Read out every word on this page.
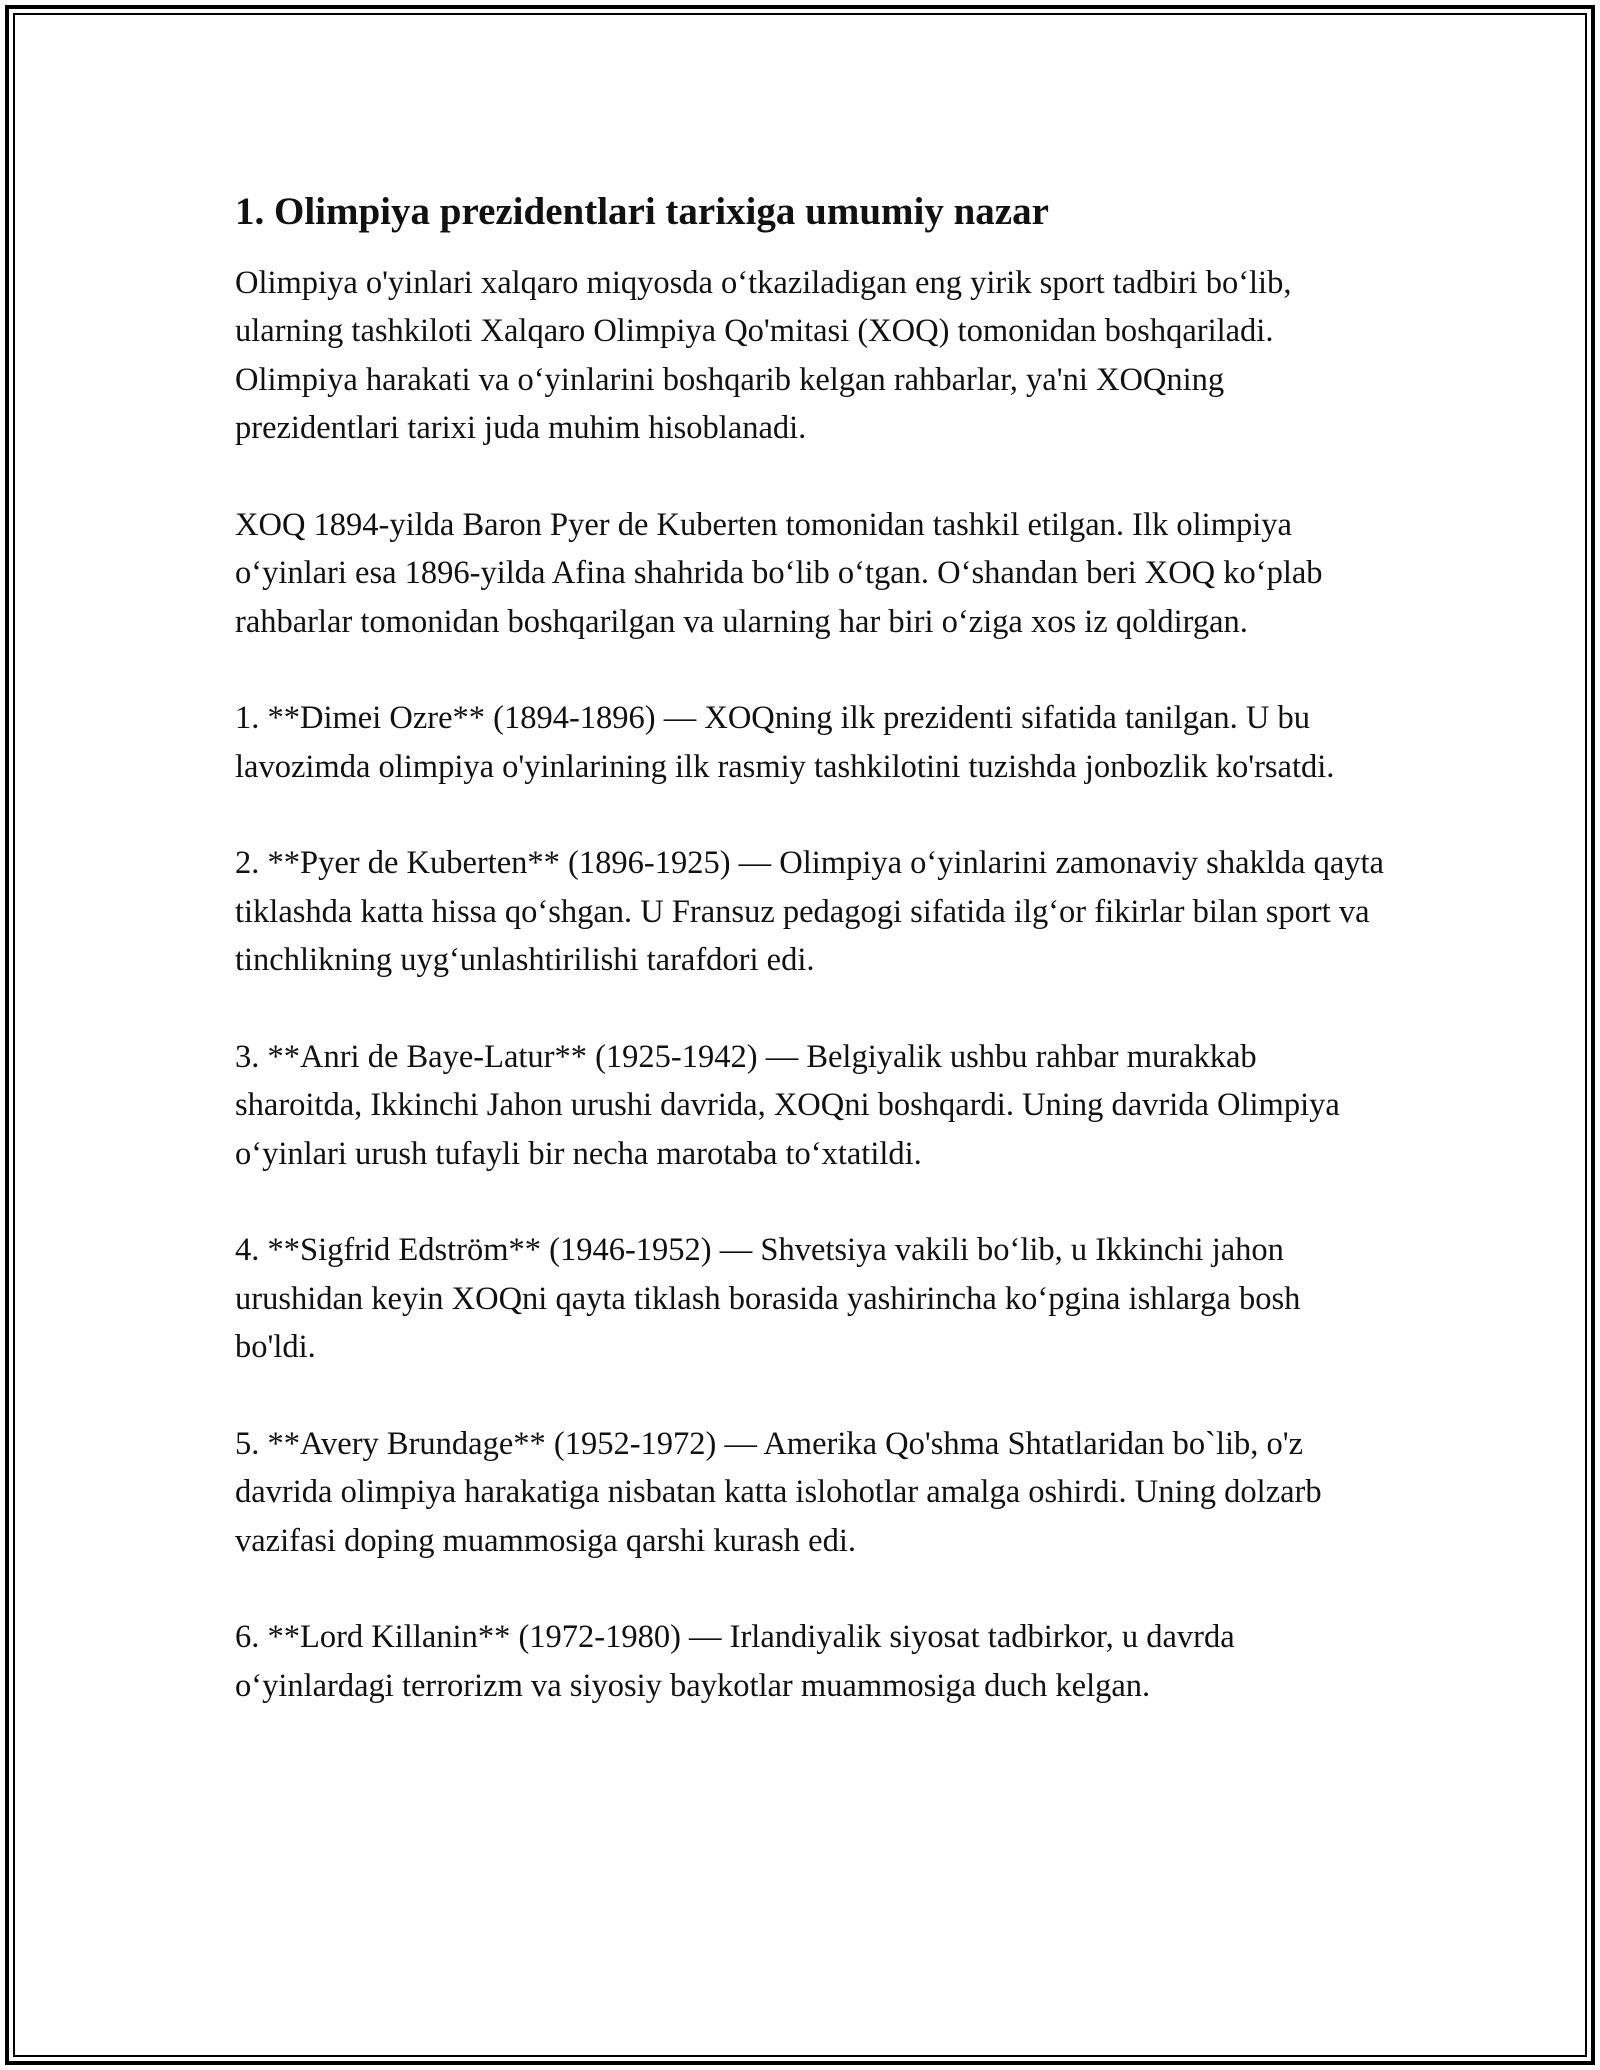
1. Olimpiya prezidentlari tarixiga umumiy nazar

Olimpiya o'yinlari xalqaro miqyosda o‘tkaziladigan eng yirik sport tadbiri bo‘lib, ularning tashkiloti Xalqaro Olimpiya Qo'mitasi (XOQ) tomonidan boshqariladi. Olimpiya harakati va o‘yinlarini boshqarib kelgan rahbarlar, ya'ni XOQning prezidentlari tarixi juda muhim hisoblanadi.

XOQ 1894-yilda Baron Pyer de Kuberten tomonidan tashkil etilgan. Ilk olimpiya o‘yinlari esa 1896-yilda Afina shahrida bo‘lib o‘tgan. O‘shandan beri XOQ ko‘plab rahbarlar tomonidan boshqarilgan va ularning har biri o‘ziga xos iz qoldirgan.

1. **Dimei Ozre** (1894-1896) — XOQning ilk prezidenti sifatida tanilgan. U bu lavozimda olimpiya o'yinlarining ilk rasmiy tashkilotini tuzishda jonbozlik ko'rsatdi.

2. **Pyer de Kuberten** (1896-1925) — Olimpiya o‘yinlarini zamonaviy shaklda qayta tiklashda katta hissa qo‘shgan. U Fransuz pedagogi sifatida ilg‘or fikirlar bilan sport va tinchlikning uyg‘unlashtirilishi tarafdori edi.

3. **Anri de Baye-Latur** (1925-1942) — Belgiyalik ushbu rahbar murakkab sharoitda, Ikkinchi Jahon urushi davrida, XOQni boshqardi. Uning davrida Olimpiya o‘yinlari urush tufayli bir necha marotaba to‘xtatildi.

4. **Sigfrid Edström** (1946-1952) — Shvetsiya vakili bo‘lib, u Ikkinchi jahon urushidan keyin XOQni qayta tiklash borasida yashirincha ko‘pgina ishlarga bosh bo'ldi.

5. **Avery Brundage** (1952-1972) — Amerika Qo'shma Shtatlaridan bo`lib, o'z davrida olimpiya harakatiga nisbatan katta islohotlar amalga oshirdi. Uning dolzarb vazifasi doping muammosiga qarshi kurash edi.

6. **Lord Killanin** (1972-1980) — Irlandiyalik siyosat tadbirkor, u davrda o‘yinlardagi terrorizm va siyosiy baykotlar muammosiga duch kelgan.
